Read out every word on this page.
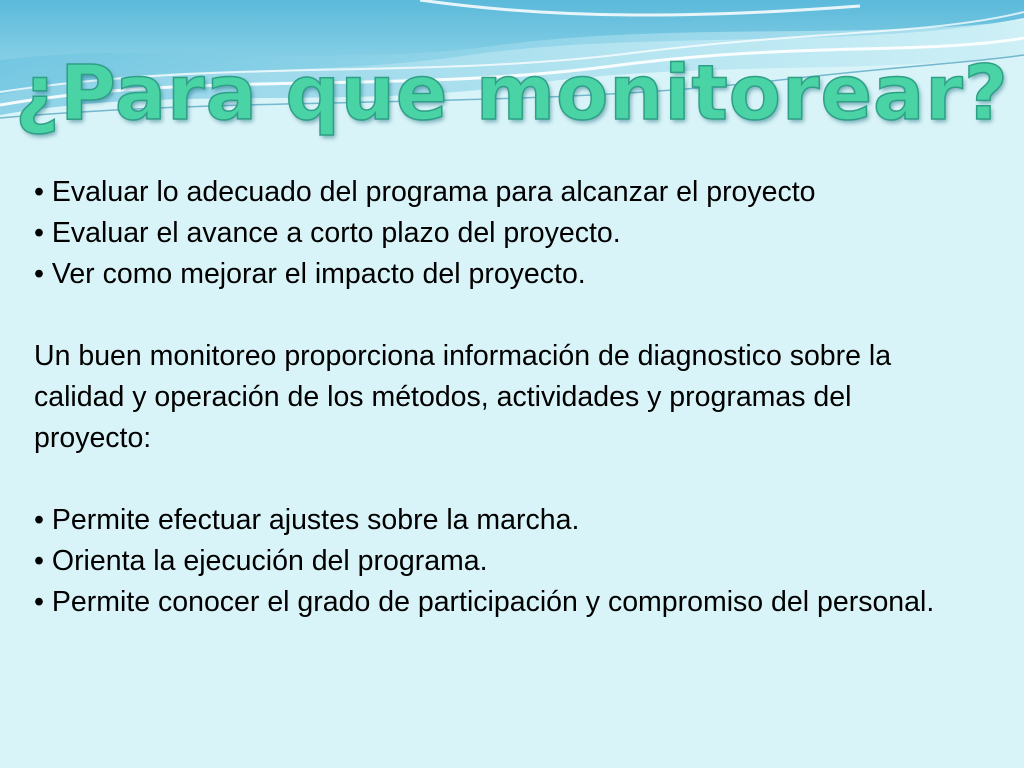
¿Para que monitorear?

• Evaluar lo adecuado del programa para alcanzar el proyecto

• Evaluar el avance a corto plazo del proyecto.

• Ver como mejorar el impacto del proyecto.

Un buen monitoreo proporciona información de diagnostico sobre la calidad y operación de los métodos, actividades y programas del proyecto:

• Permite efectuar ajustes sobre la marcha.

• Orienta la ejecución del programa.

• Permite conocer el grado de participación y compromiso del personal.
